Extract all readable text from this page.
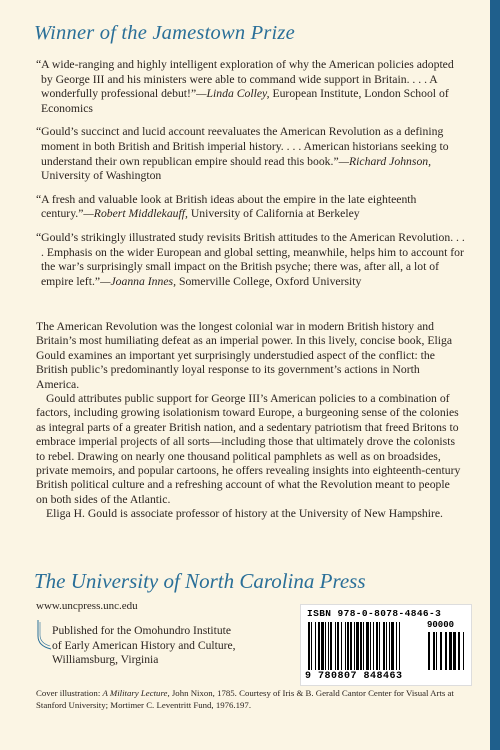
Winner of the Jamestown Prize

“A wide-ranging and highly intelligent exploration of why the American policies adopted by George III and his ministers were able to command wide support in Britain. . . . A wonderfully professional debut!”—Linda Colley, European Institute, London School of Economics

“Gould’s succinct and lucid account reevaluates the American Revolution as a defining moment in both British and British imperial history. . . . American historians seeking to understand their own republican empire should read this book.”—Richard Johnson, University of Washington

“A fresh and valuable look at British ideas about the empire in the late eighteenth century.”—Robert Middlekauff, University of California at Berkeley

“Gould’s strikingly illustrated study revisits British attitudes to the American Revolution. . . . Emphasis on the wider European and global setting, meanwhile, helps him to account for the war’s surprisingly small impact on the British psyche; there was, after all, a lot of empire left.”—Joanna Innes, Somerville College, Oxford University

The American Revolution was the longest colonial war in modern British history and Britain’s most humiliating defeat as an imperial power. In this lively, concise book, Eliga Gould examines an important yet surprisingly understudied aspect of the conflict: the British public’s predominantly loyal response to its government’s actions in North America.

Gould attributes public support for George III’s American policies to a combination of factors, including growing isolationism toward Europe, a burgeoning sense of the colonies as integral parts of a greater British nation, and a sedentary patriotism that freed Britons to embrace imperial projects of all sorts—including those that ultimately drove the colonists to rebel. Drawing on nearly one thousand political pamphlets as well as on broadsides, private memoirs, and popular cartoons, he offers revealing insights into eighteenth-century British political culture and a refreshing account of what the Revolution meant to people on both sides of the Atlantic.

Eliga H. Gould is associate professor of history at the University of New Hampshire.

The University of North Carolina Press
www.uncpress.unc.edu
Published for the Omohundro Institute
of Early American History and Culture,
Williamsburg, Virginia
ISBN 978-0-8078-4846-3
90000
9 780807 848463
Cover illustration: A Military Lecture, John Nixon, 1785. Courtesy of Iris & B. Gerald Cantor Center for Visual Arts at Stanford University; Mortimer C. Leventritt Fund, 1976.197.
